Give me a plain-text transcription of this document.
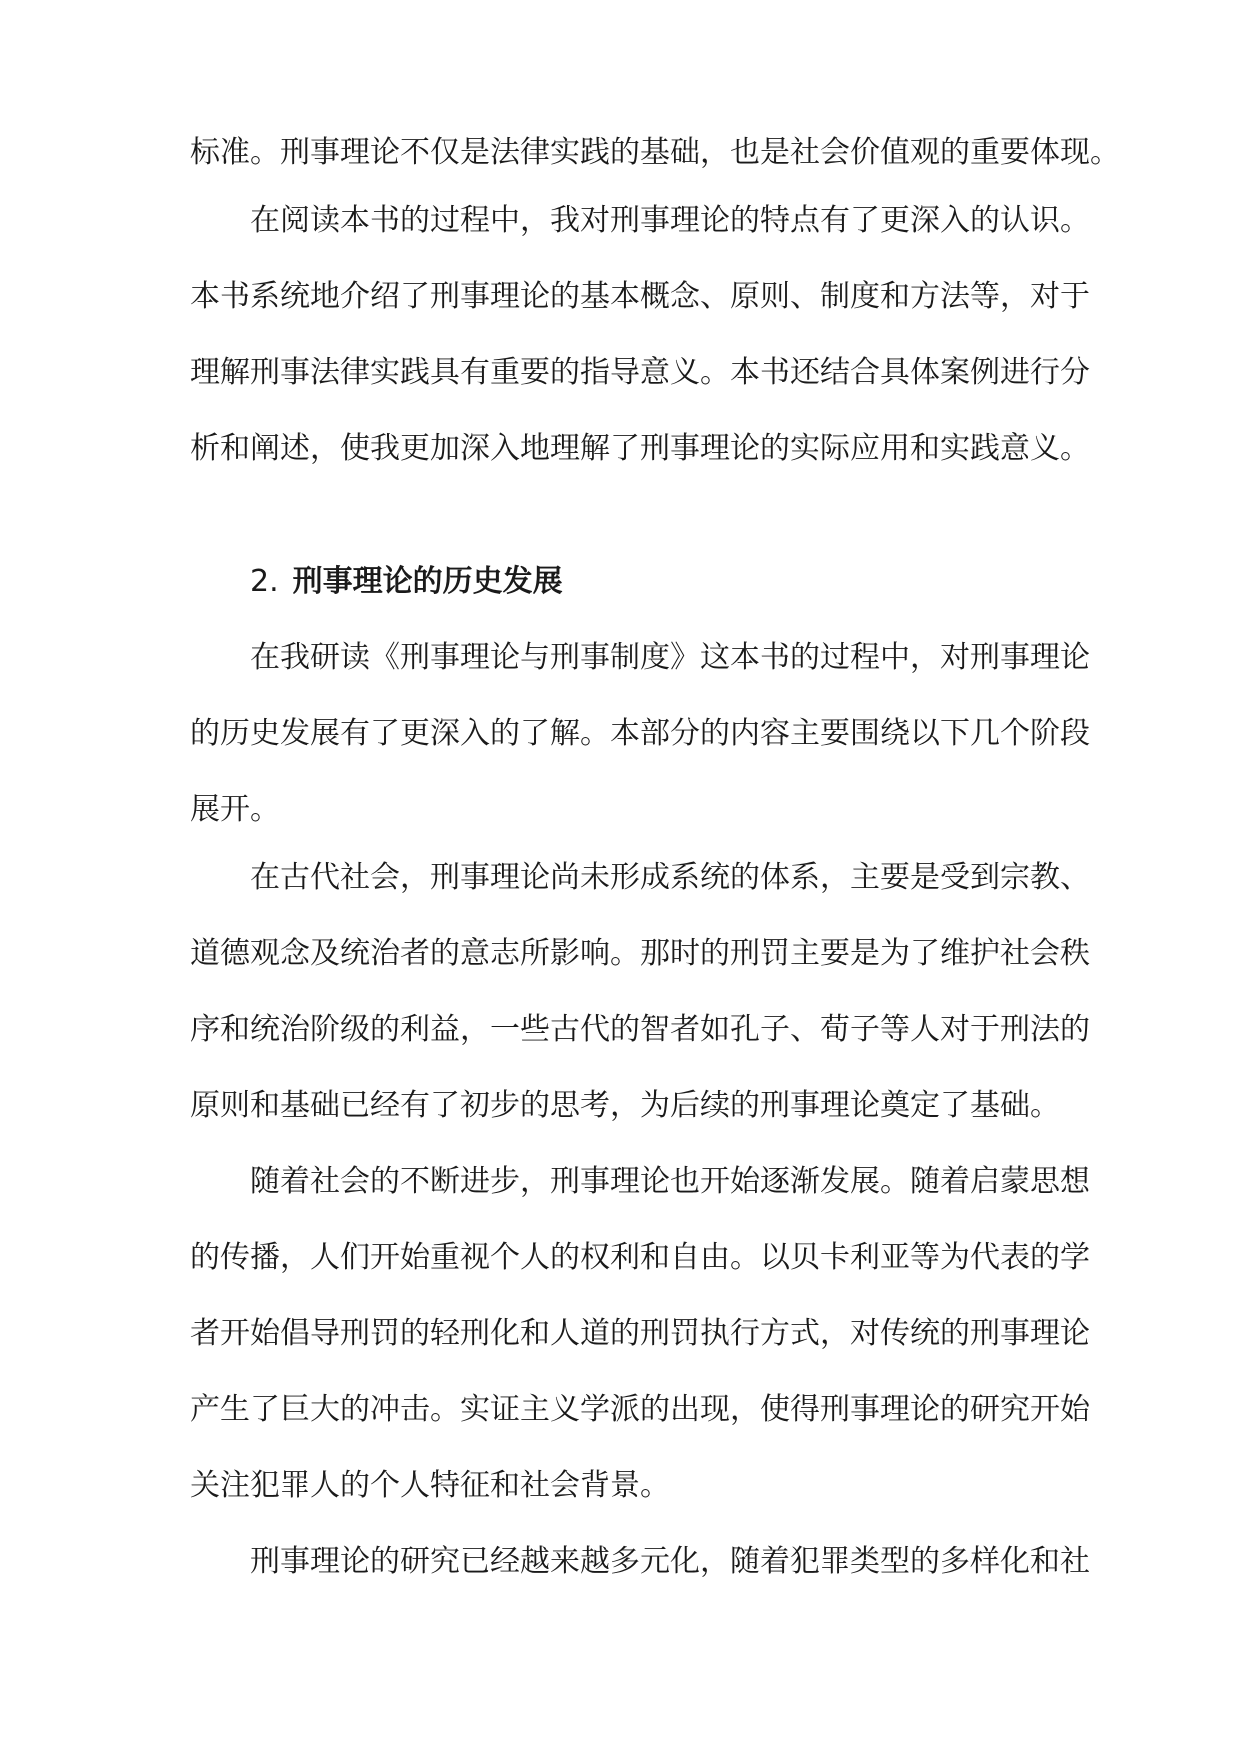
标准。刑事理论不仅是法律实践的基础，也是社会价值观的重要体现。
在阅读本书的过程中，我对刑事理论的特点有了更深入的认识。
本书系统地介绍了刑事理论的基本概念、原则、制度和方法等，对于
理解刑事法律实践具有重要的指导意义。本书还结合具体案例进行分
析和阐述，使我更加深入地理解了刑事理论的实际应用和实践意义。
2. 刑事理论的历史发展
在我研读《刑事理论与刑事制度》这本书的过程中，对刑事理论
的历史发展有了更深入的了解。本部分的内容主要围绕以下几个阶段
展开。
在古代社会，刑事理论尚未形成系统的体系，主要是受到宗教、
道德观念及统治者的意志所影响。那时的刑罚主要是为了维护社会秩
序和统治阶级的利益，一些古代的智者如孔子、荀子等人对于刑法的
原则和基础已经有了初步的思考，为后续的刑事理论奠定了基础。
随着社会的不断进步，刑事理论也开始逐渐发展。随着启蒙思想
的传播，人们开始重视个人的权利和自由。以贝卡利亚等为代表的学
者开始倡导刑罚的轻刑化和人道的刑罚执行方式，对传统的刑事理论
产生了巨大的冲击。实证主义学派的出现，使得刑事理论的研究开始
关注犯罪人的个人特征和社会背景。
刑事理论的研究已经越来越多元化，随着犯罪类型的多样化和社
